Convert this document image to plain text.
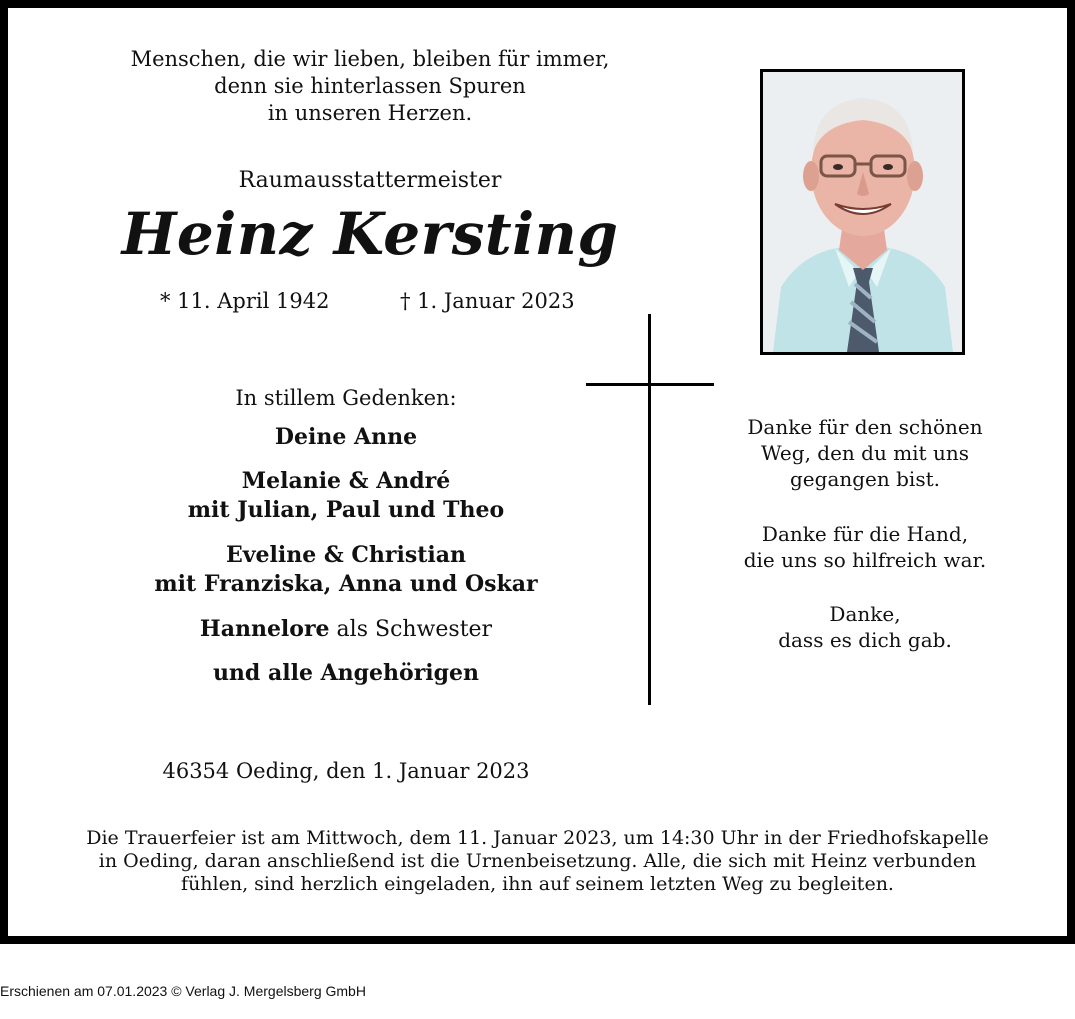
Menschen, die wir lieben, bleiben für immer,
denn sie hinterlassen Spuren
in unseren Herzen.
Raumausstattermeister
Heinz Kersting
* 11. April 1942	† 1. Januar 2023
In stillem Gedenken:
Deine Anne
Melanie & André
mit Julian, Paul und Theo
Eveline & Christian
mit Franziska, Anna und Oskar
Hannelore als Schwester
und alle Angehörigen
46354 Oeding, den 1. Januar 2023
Danke für den schönen
Weg, den du mit uns
gegangen bist.
Danke für die Hand,
die uns so hilfreich war.
Danke,
dass es dich gab.
Die Trauerfeier ist am Mittwoch, dem 11. Januar 2023, um 14:30 Uhr in der Friedhofskapelle
in Oeding, daran anschließend ist die Urnenbeisetzung. Alle, die sich mit Heinz verbunden
fühlen, sind herzlich eingeladen, ihn auf seinem letzten Weg zu begleiten.
Erschienen am 07.01.2023 © Verlag J. Mergelsberg GmbH
